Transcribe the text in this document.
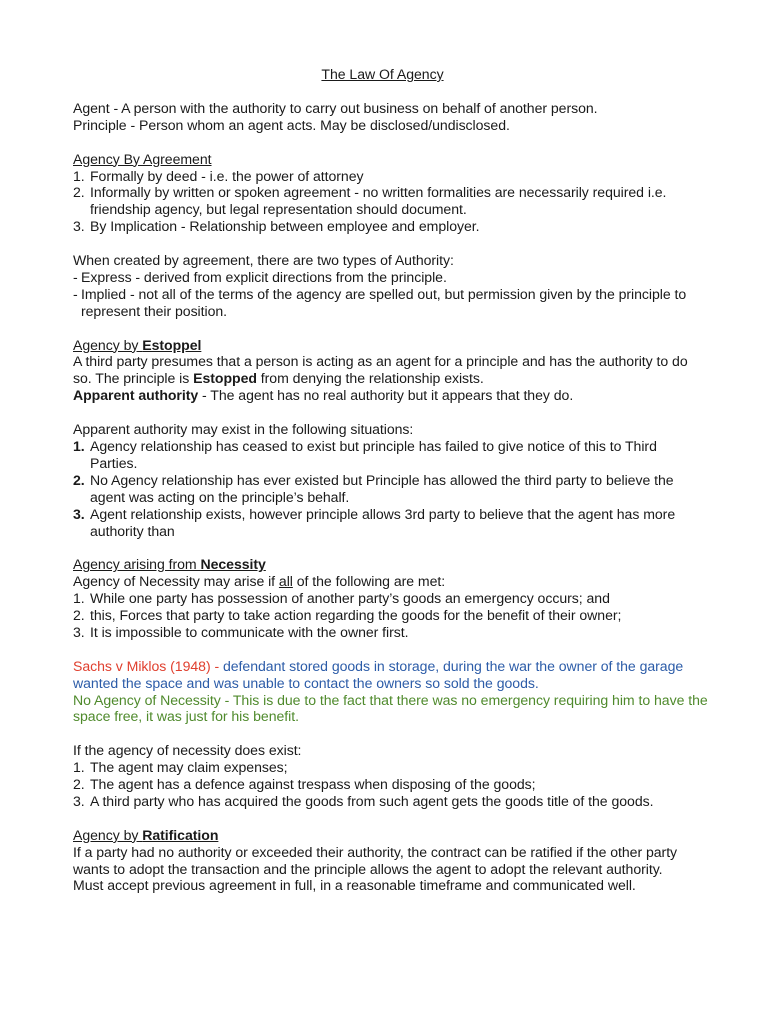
The Law Of Agency

Agent - A person with the authority to carry out business on behalf of another person.

Principle - Person whom an agent acts. May be disclosed/undisclosed.

Agency By Agreement

1. Formally by deed - i.e. the power of attorney
2. Informally by written or spoken agreement - no written formalities are necessarily required i.e. friendship agency, but legal representation should document.
3. By Implication - Relationship between employee and employer.

When created by agreement, there are two types of Authority:

- Express - derived from explicit directions from the principle.
- Implied - not all of the terms of the agency are spelled out, but permission given by the principle to represent their position.

Agency by Estoppel

A third party presumes that a person is acting as an agent for a principle and has the authority to do so. The principle is Estopped from denying the relationship exists.

Apparent authority - The agent has no real authority but it appears that they do.

Apparent authority may exist in the following situations:

1. Agency relationship has ceased to exist but principle has failed to give notice of this to Third Parties.
2. No Agency relationship has ever existed but Principle has allowed the third party to believe the agent was acting on the principle’s behalf.
3. Agent relationship exists, however principle allows 3rd party to believe that the agent has more authority than

Agency arising from Necessity

Agency of Necessity may arise if all of the following are met:

1. While one party has possession of another party’s goods an emergency occurs; and
2. this, Forces that party to take action regarding the goods for the benefit of their owner;
3. It is impossible to communicate with the owner first.

Sachs v Miklos (1948) - defendant stored goods in storage, during the war the owner of the garage wanted the space and was unable to contact the owners so sold the goods.

No Agency of Necessity - This is due to the fact that there was no emergency requiring him to have the space free, it was just for his benefit.

If the agency of necessity does exist:

1. The agent may claim expenses;
2. The agent has a defence against trespass when disposing of the goods;
3. A third party who has acquired the goods from such agent gets the goods title of the goods.

Agency by Ratification

If a party had no authority or exceeded their authority, the contract can be ratified if the other party wants to adopt the transaction and the principle allows the agent to adopt the relevant authority.

Must accept previous agreement in full, in a reasonable timeframe and communicated well.
